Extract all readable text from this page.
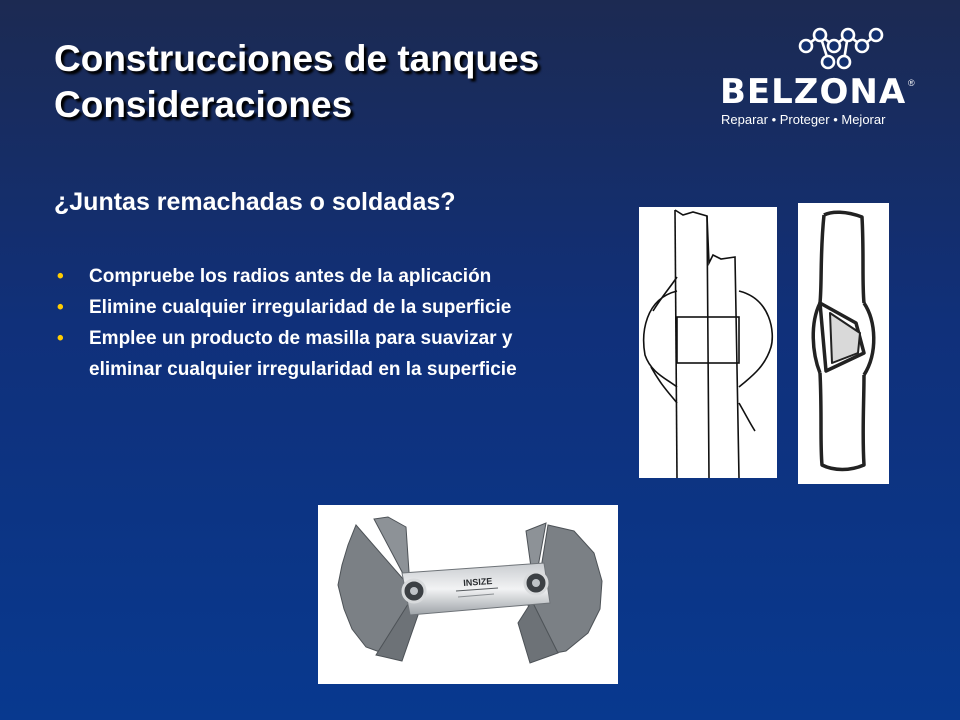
Construcciones de tanques
Consideraciones	BELZONA ®
Reparar • Proteger • Mejorar
¿Juntas remachadas o soldadas?
• Compruebe los radios antes de la aplicación
• Elimine cualquier irregularidad de la superficie
• Emplee un producto de masilla para suavizar y eliminar cualquier irregularidad en la superficie
INSIZE
